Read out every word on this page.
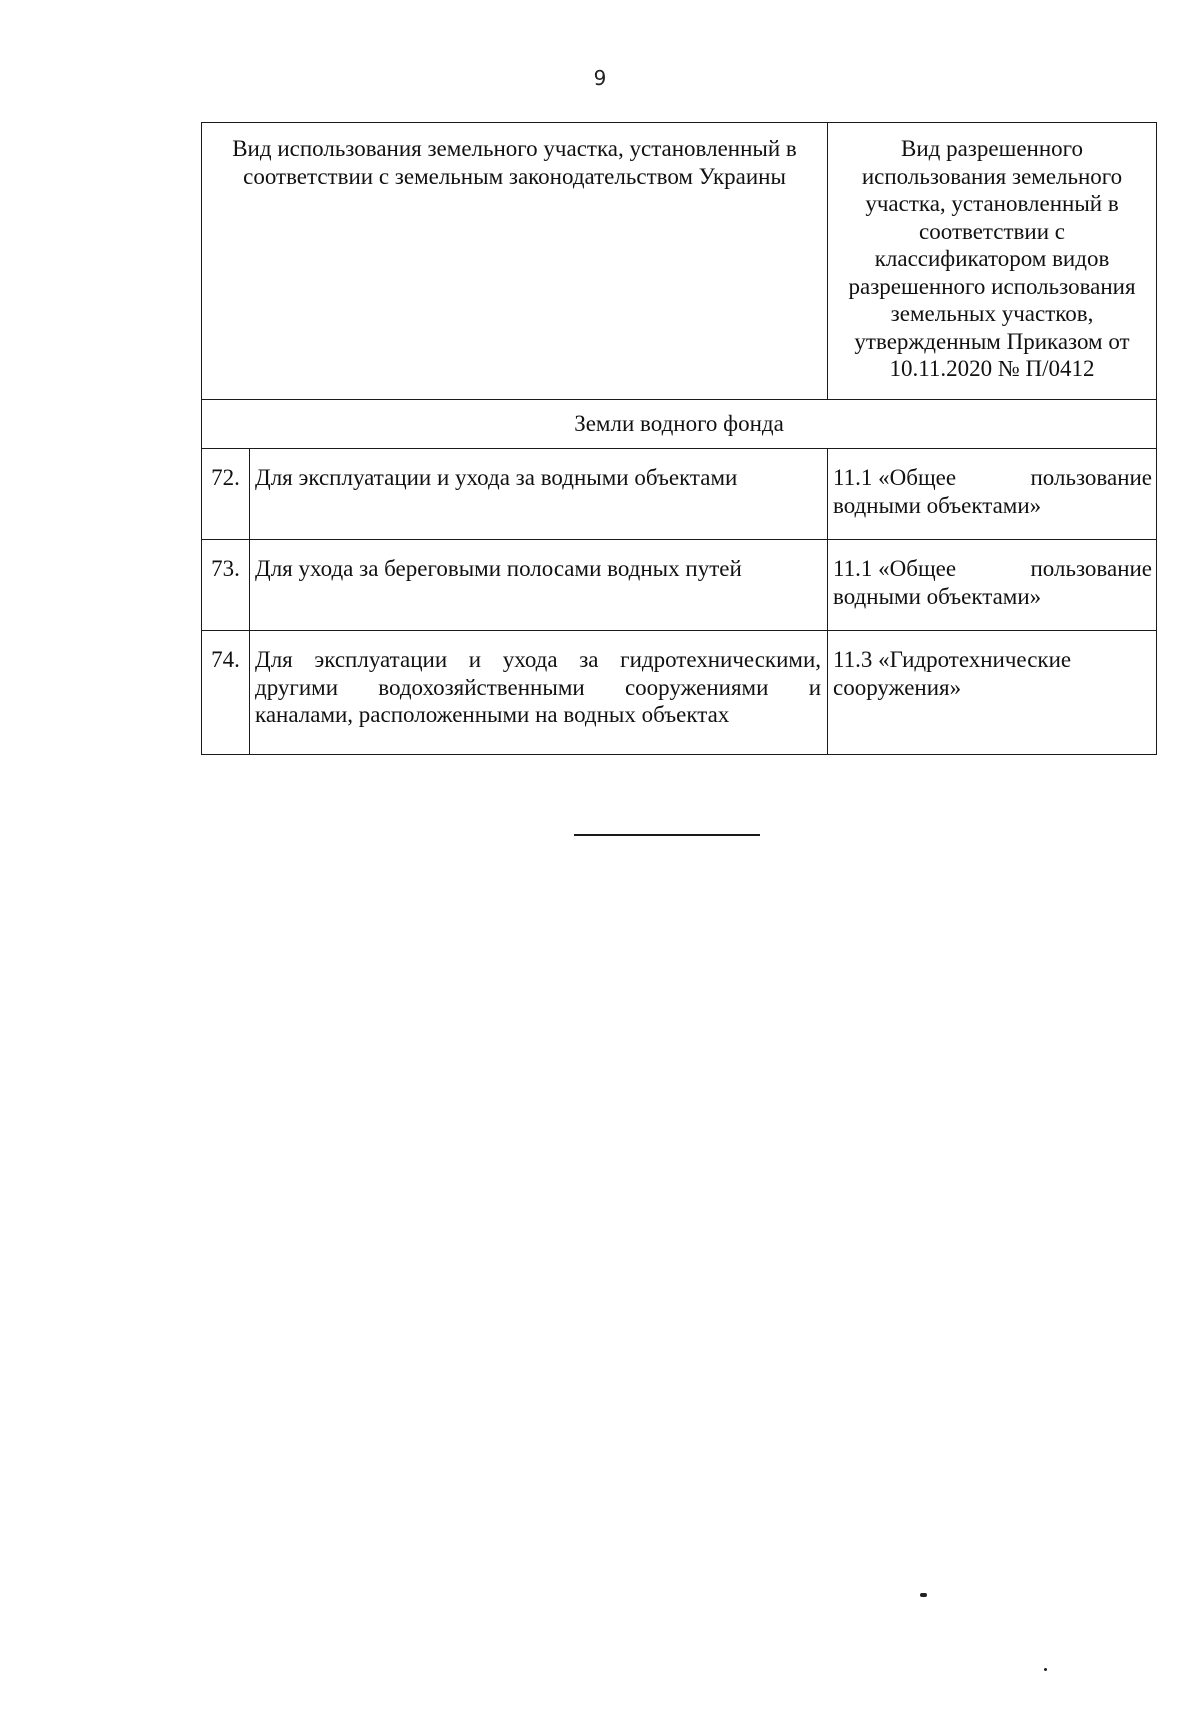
9
Вид использования земельного участка, установленный в соответствии с земельным законодательством Украины		Вид разрешенного использования земельного участка, установленный в соответствии с классификатором видов разрешенного использования земельных участков, утвержденным Приказом от 10.11.2020 № П/0412
Земли водного фонда		
72.	Для эксплуатации и ухода за водными объектами	11.1 «Общее пользование
водными объектами»

73.	Для ухода за береговыми полосами водных путей	11.1 «Общее пользование
водными объектами»

74.	Для эксплуатации и ухода за гидротехническими, другими водохозяйственными сооружениями и каналами, расположенными на водных объектах	11.3 «Гидротехнические
сооружения»
